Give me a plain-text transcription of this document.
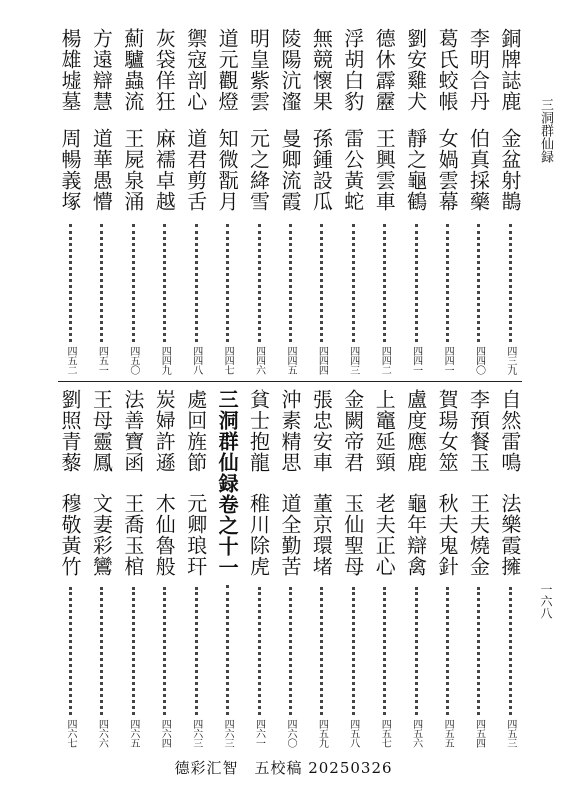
三洞群仙録
一六八
銅牌誌鹿
金盆射鵲
四三九
李明合丹
伯真採藥
四四〇
葛氏蛟帳
女媧雲幕
四四一
劉安雞犬
靜之龜鶴
四四一
德休霹靂
王興雲車
四四二
浮胡白豹
雷公黃蛇
四四三
無競懷果
孫鍾設瓜
四四四
陵陽沆瀣
曼卿流霞
四四五
明皇紫雲
元之絳雪
四四六
道元觀燈
知微翫月
四四七
禦寇剖心
道君剪舌
四四八
灰袋佯狂
麻襦卓越
四四九
薊驢蟲流
王屍泉涌
四五〇
方遠辯慧
道華愚懵
四五一
楊雄墟墓
周暢義塚
四五二
自然雷鳴
法樂霞擁
四五三
李預餐玉
王夫燒金
四五四
賀瑒女筮
秋夫鬼針
四五五
盧度應鹿
龜年辯禽
四五六
上竈延頸
老夫正心
四五七
金闕帝君
玉仙聖母
四五八
張忠安車
董京環堵
四五九
沖素精思
道全勤苦
四六〇
貧士抱龍
稚川除虎
四六一
三洞群仙録卷之十一
四六三
處回旌節
元卿琅玕
四六三
炭婦許遜
木仙魯般
四六四
法善寶函
王喬玉棺
四六五
王母靈鳳
文妻彩鸞
四六六
劉照青藜
穆敬黃竹
四六七
德彩汇智　五校稿 20250326
